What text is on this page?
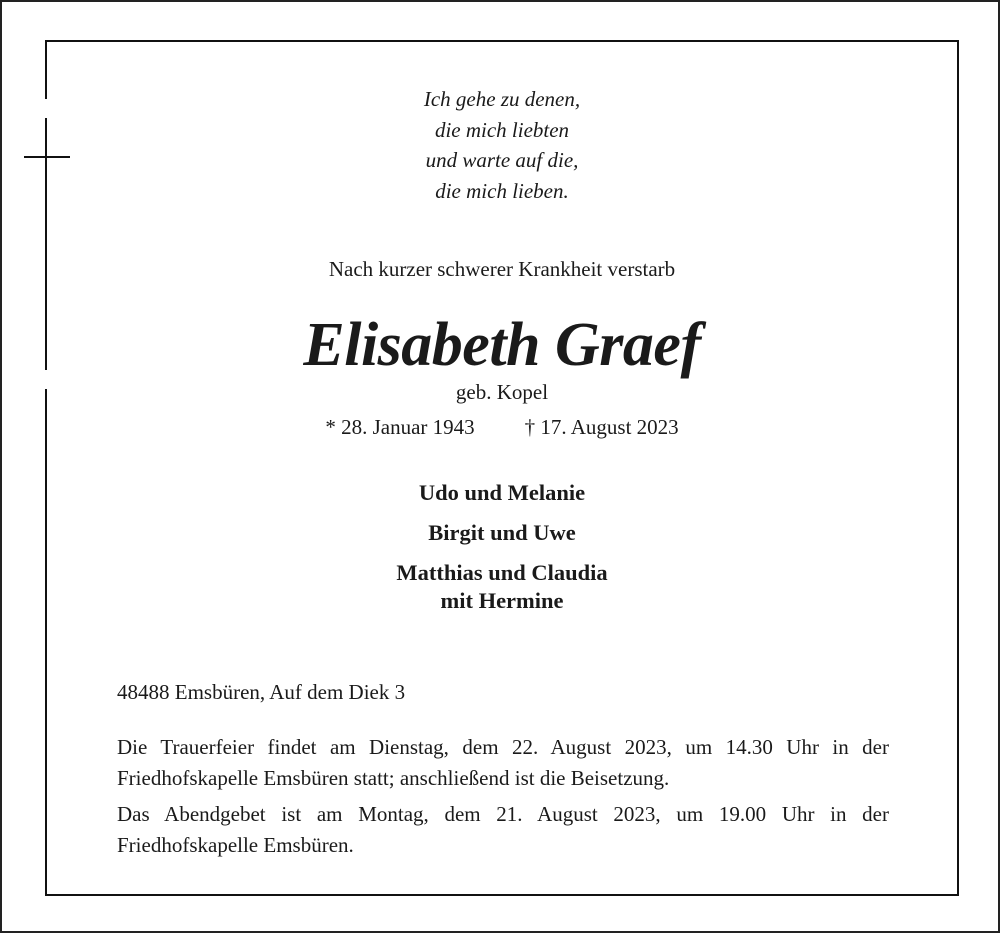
Ich gehe zu denen,
die mich liebten
und warte auf die,
die mich lieben.
Nach kurzer schwerer Krankheit verstarb
Elisabeth Graef
geb. Kopel
* 28. Januar 1943 † 17. August 2023
Udo und Melanie
Birgit und Uwe
Matthias und Claudia
mit Hermine
48488 Emsbüren, Auf dem Diek 3
Die Trauerfeier findet am Dienstag, dem 22. August 2023, um 14.30 Uhr in der Friedhofskapelle Emsbüren statt; anschließend ist die Beisetzung.
Das Abendgebet ist am Montag, dem 21. August 2023, um 19.00 Uhr in der Friedhofskapelle Emsbüren.
